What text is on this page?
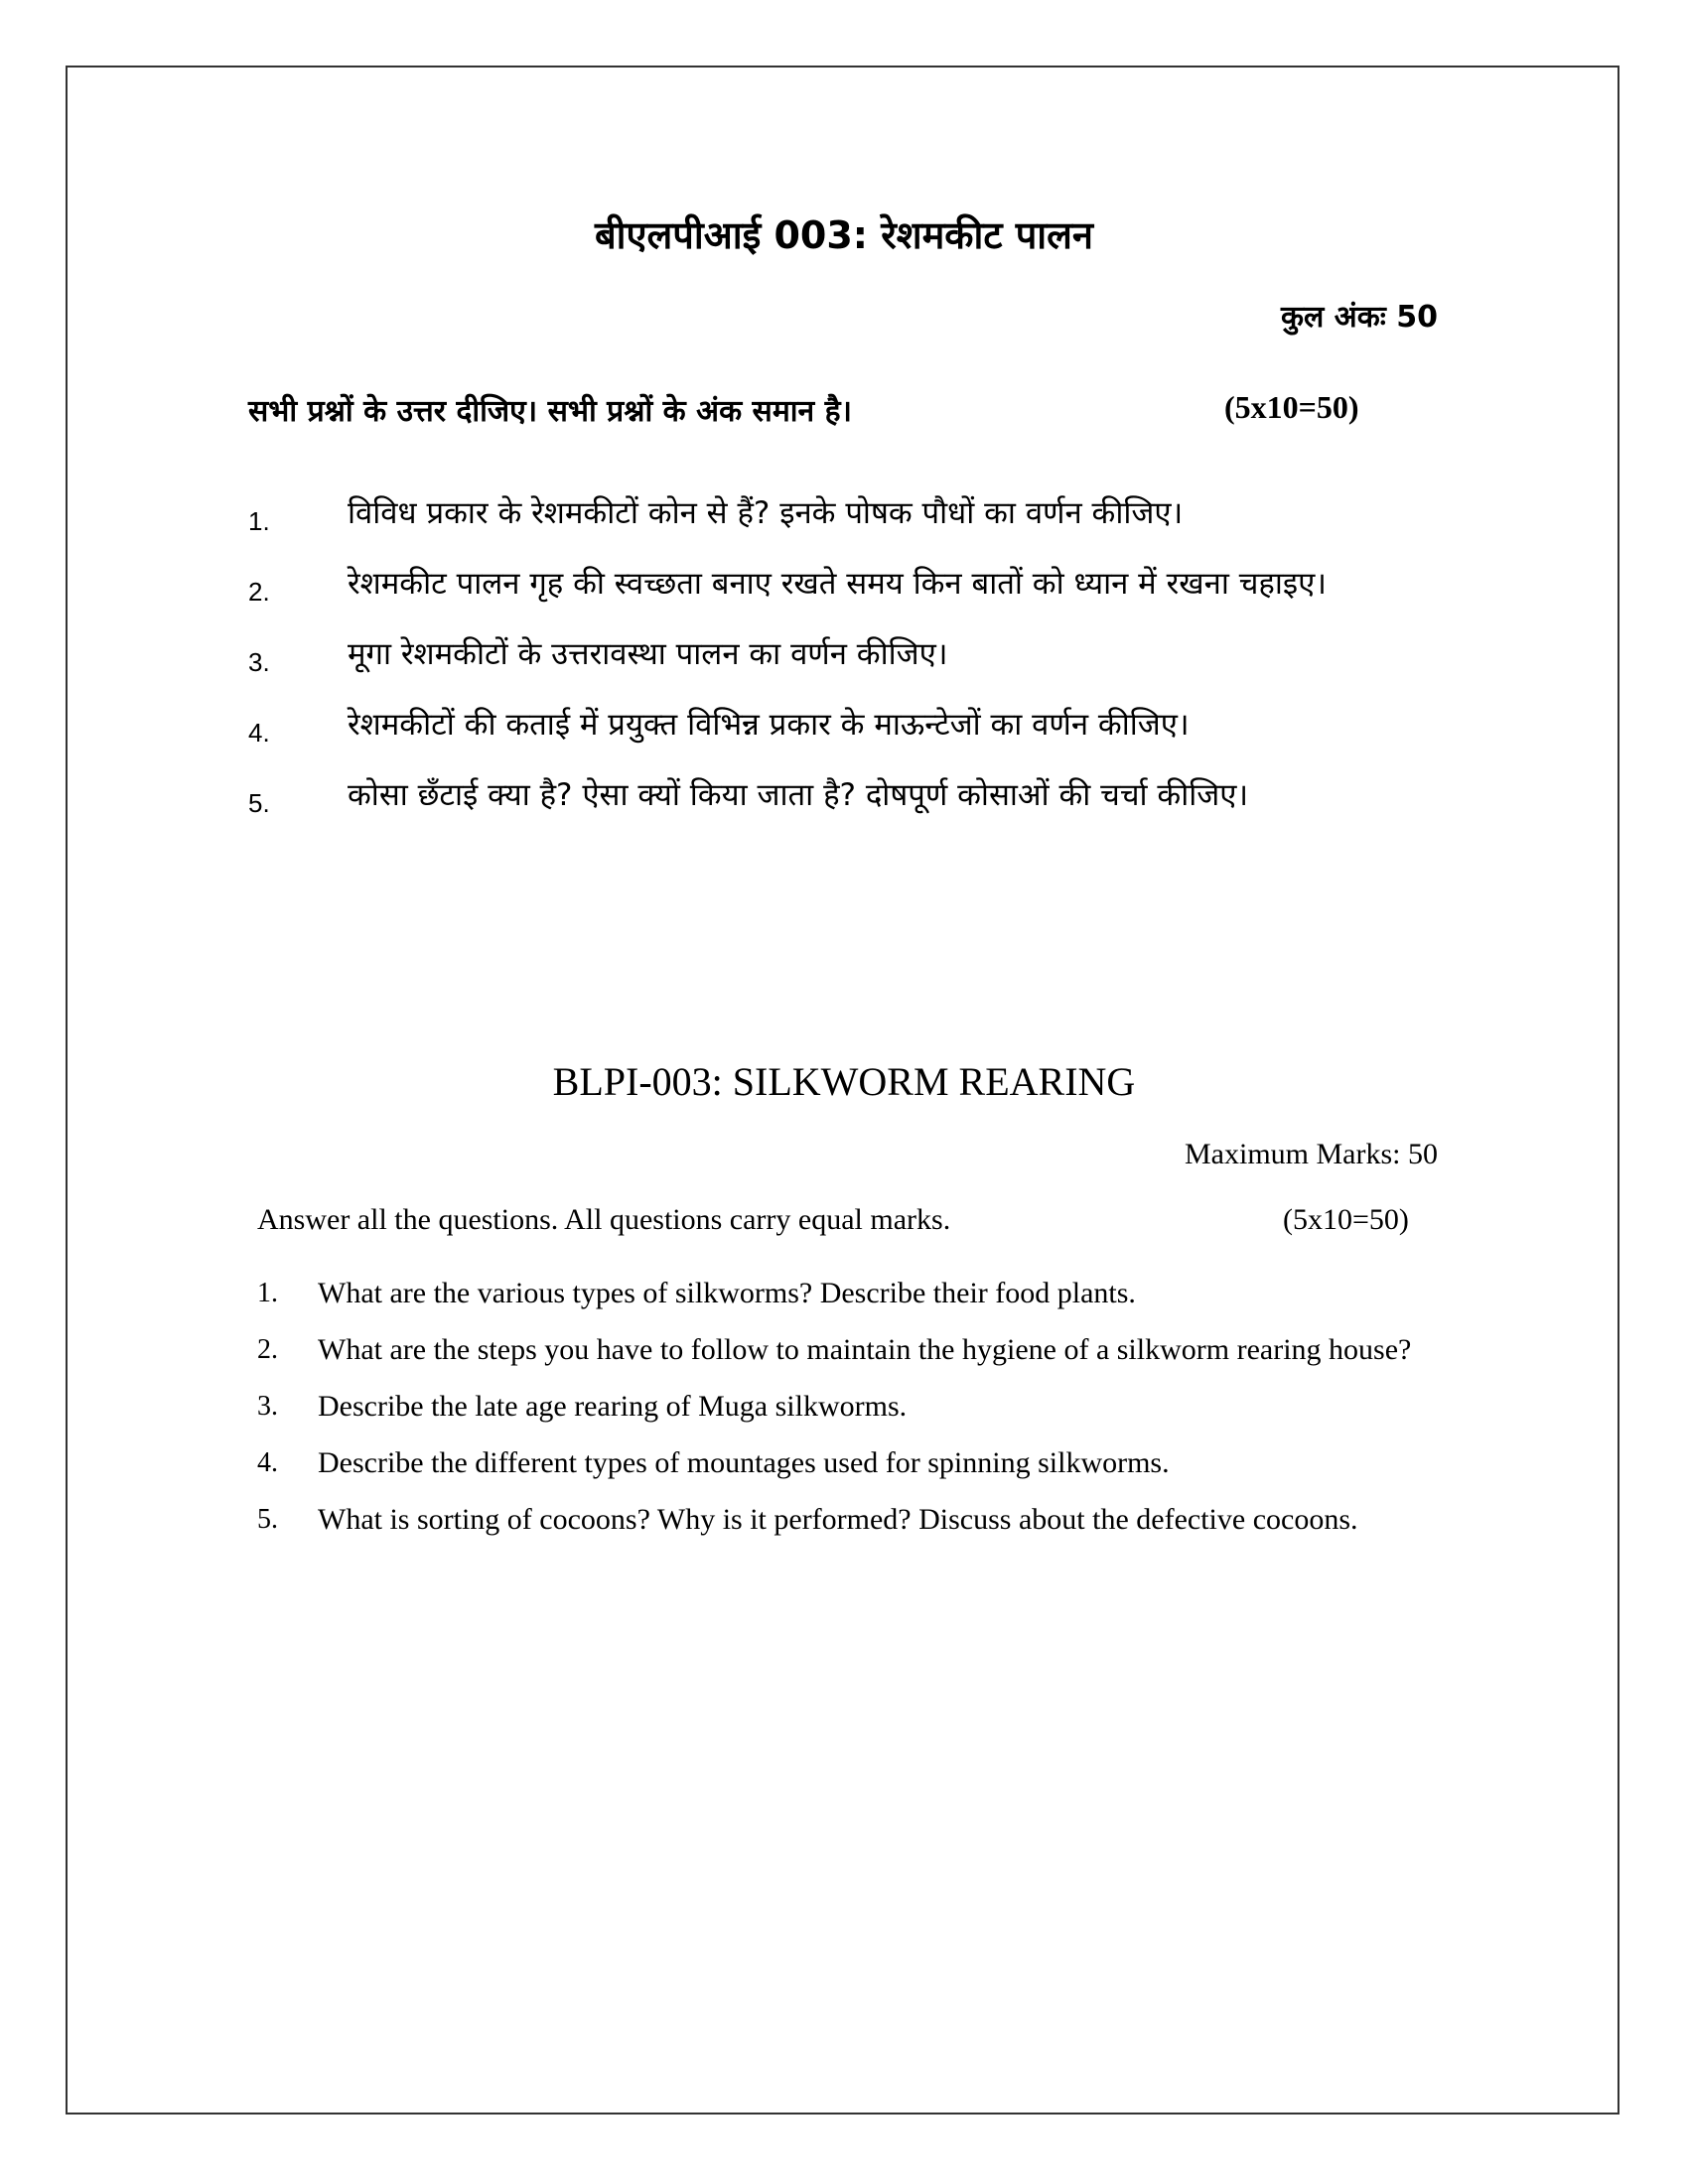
बीएलपीआई 003: रेशमकीट पालन
कुल अंकः 50
सभी प्रश्नों के उत्तर दीजिए। सभी प्रश्नों के अंक समान है।	(5x10=50)
1.	विविध प्रकार के रेशमकीटों कोन से हैं? इनके पोषक पौधों का वर्णन कीजिए।
2.	रेशमकीट पालन गृह की स्वच्छता बनाए रखते समय किन बातों को ध्यान में रखना चहाइए।
3.	मूगा रेशमकीटों के उत्तरावस्था पालन का वर्णन कीजिए।
4.	रेशमकीटों की कताई में प्रयुक्त विभिन्न प्रकार के माऊन्टेजों का वर्णन कीजिए।
5.	कोसा छँटाई क्या है? ऐसा क्यों किया जाता है? दोषपूर्ण कोसाओं की चर्चा कीजिए।
BLPI-003: SILKWORM REARING
Maximum Marks: 50
Answer all the questions. All questions carry equal marks.	(5x10=50)
1.	What are the various types of silkworms? Describe their food plants.
2.	What are the steps you have to follow to maintain the hygiene of a silkworm rearing house?
3.	Describe the late age rearing of Muga silkworms.
4.	Describe the different types of mountages used for spinning silkworms.
5.	What is sorting of cocoons? Why is it performed? Discuss about the defective cocoons.
